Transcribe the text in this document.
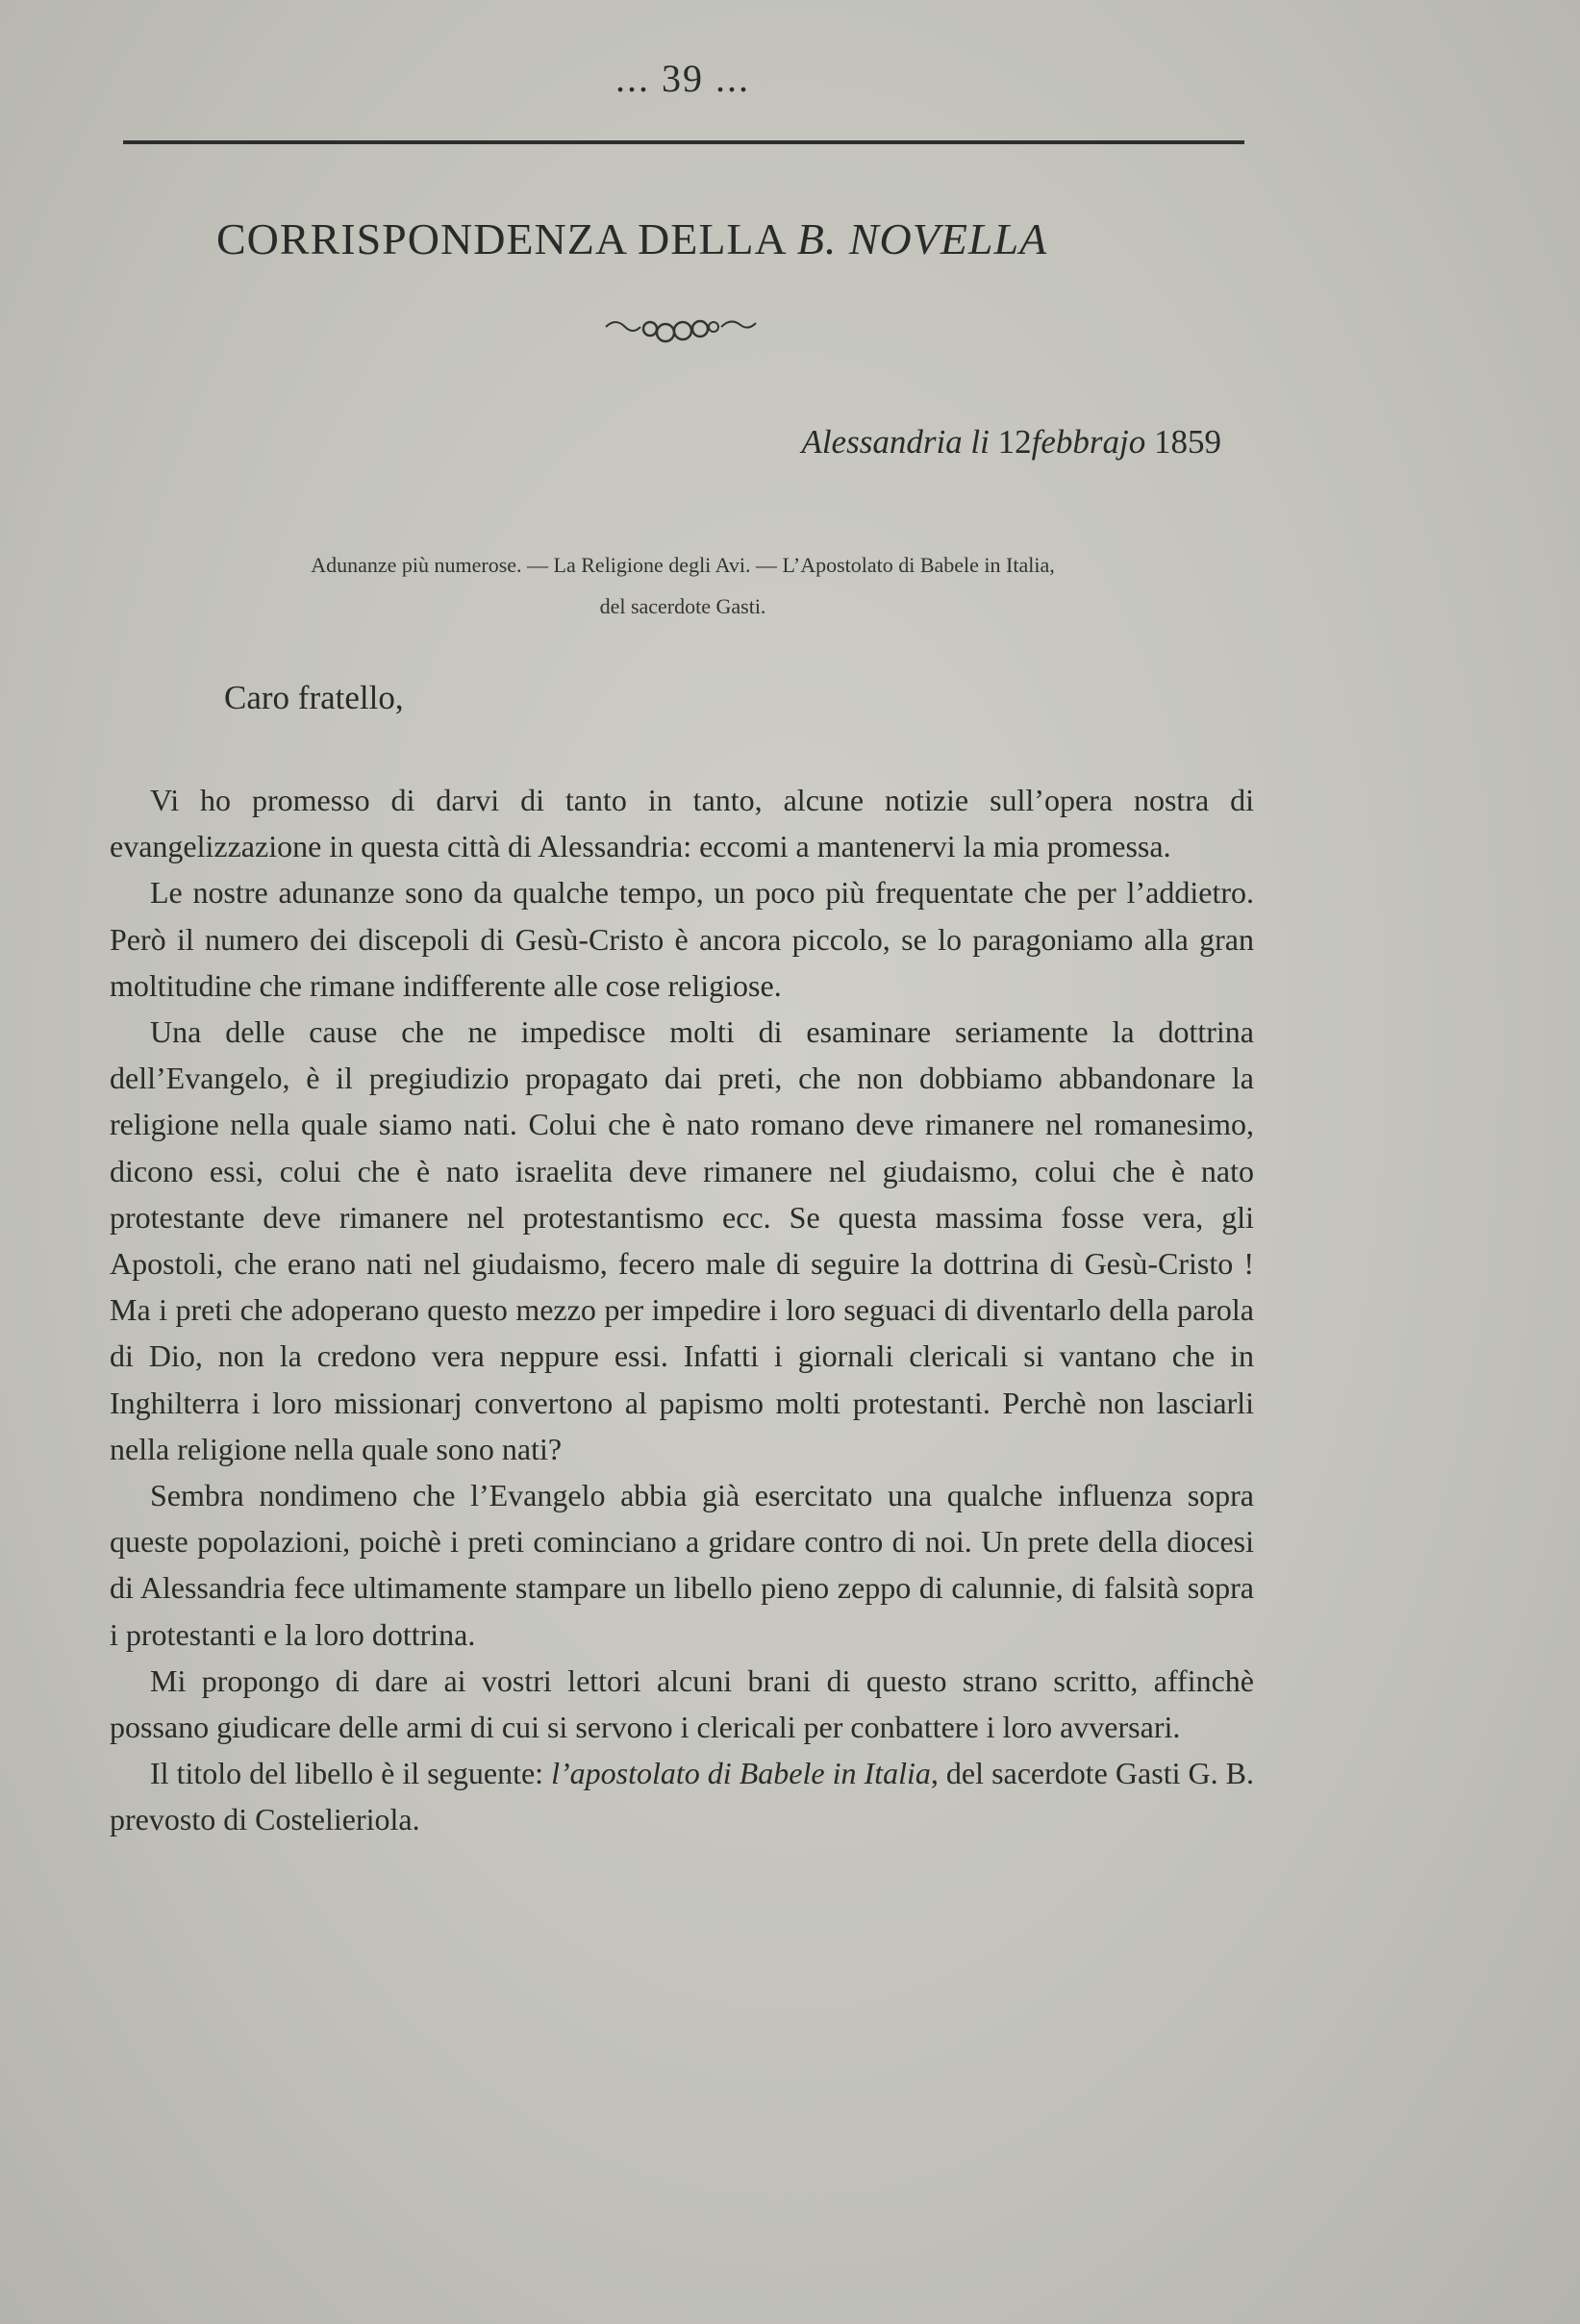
... 39 ...
CORRISPONDENZA DELLA B. NOVELLA
Alessandria li 12febbrajo 1859
Adunanze più numerose. — La Religione degli Avi. — L’Apostolato di Babele in Italia,
del sacerdote Gasti.
Caro fratello,

Vi ho promesso di darvi di tanto in tanto, alcune notizie sull’opera nostra di evangelizzazione in questa città di Alessandria: eccomi a mantenervi la mia promessa.

Le nostre adunanze sono da qualche tempo, un poco più frequentate che per l’addietro. Però il numero dei discepoli di Gesù-Cristo è ancora piccolo, se lo paragoniamo alla gran moltitudine che rimane indifferente alle cose religiose.

Una delle cause che ne impedisce molti di esaminare seriamente la dottrina dell’Evangelo, è il pregiudizio propagato dai preti, che non dobbiamo abbandonare la religione nella quale siamo nati. Colui che è nato romano deve rimanere nel romanesimo, dicono essi, colui che è nato israelita deve rimanere nel giudaismo, colui che è nato protestante deve rimanere nel protestantismo ecc. Se questa massima fosse vera, gli Apostoli, che erano nati nel giudaismo, fecero male di seguire la dottrina di Gesù-Cristo ! Ma i preti che adoperano questo mezzo per impedire i loro seguaci di diventarlo della parola di Dio, non la credono vera neppure essi. Infatti i giornali clericali si vantano che in Inghilterra i loro missionarj convertono al papismo molti protestanti. Perchè non lasciarli nella religione nella quale sono nati?

Sembra nondimeno che l’Evangelo abbia già esercitato una qualche influenza sopra queste popolazioni, poichè i preti cominciano a gridare contro di noi. Un prete della diocesi di Alessandria fece ultimamente stampare un libello pieno zeppo di calunnie, di falsità sopra i protestanti e la loro dottrina.

Mi propongo di dare ai vostri lettori alcuni brani di questo strano scritto, affinchè possano giudicare delle armi di cui si servono i clericali per conbattere i loro avversari.

Il titolo del libello è il seguente: l’apostolato di Babele in Italia, del sacerdote Gasti G. B. prevosto di Costelieriola.
